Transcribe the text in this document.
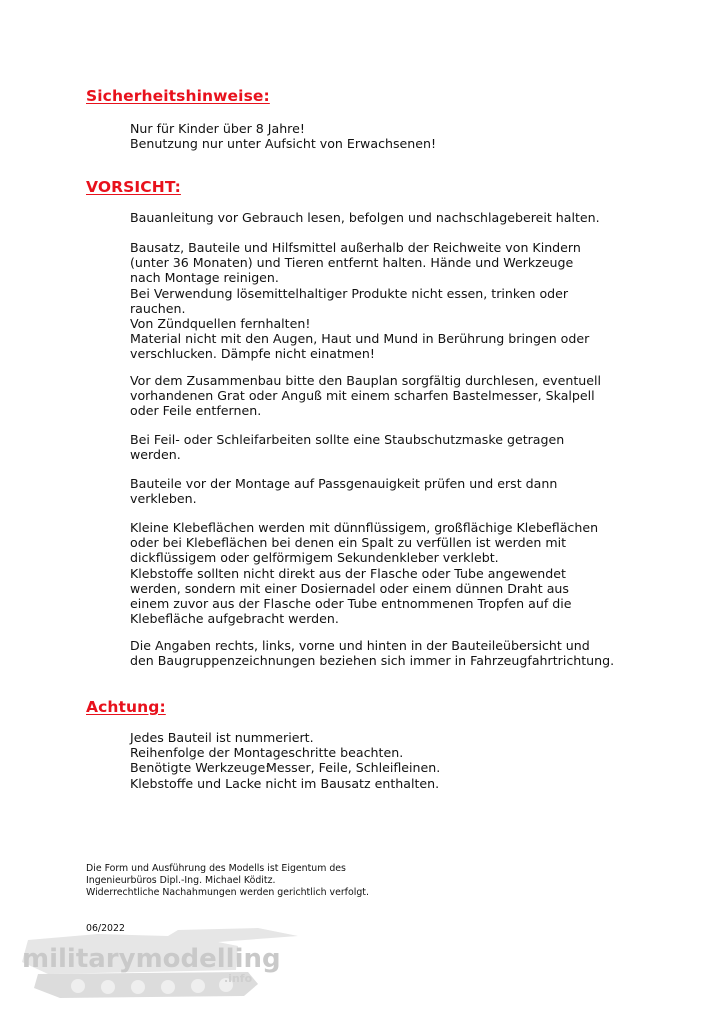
Sicherheitshinweise:
Nur für Kinder über 8 Jahre!
Benutzung nur unter Aufsicht von Erwachsenen!
VORSICHT:
Bauanleitung vor Gebrauch lesen, befolgen und nachschlagebereit halten.
Bausatz, Bauteile und Hilfsmittel außerhalb der Reichweite von Kindern
(unter 36 Monaten) und Tieren entfernt halten. Hände und Werkzeuge
nach Montage reinigen.
Bei Verwendung lösemittelhaltiger Produkte nicht essen, trinken oder
rauchen.
Von Zündquellen fernhalten!
Material nicht mit den Augen, Haut und Mund in Berührung bringen oder
verschlucken. Dämpfe nicht einatmen!
Vor dem Zusammenbau bitte den Bauplan sorgfältig durchlesen, eventuell
vorhandenen Grat oder Anguß mit einem scharfen Bastelmesser, Skalpell
oder Feile entfernen.
Bei Feil- oder Schleifarbeiten sollte eine Staubschutzmaske getragen
werden.
Bauteile vor der Montage auf Passgenauigkeit prüfen und erst dann
verkleben.
Kleine Klebeflächen werden mit dünnflüssigem, großflächige Klebeflächen
oder bei Klebeflächen bei denen ein Spalt zu verfüllen ist werden mit
dickflüssigem oder gelförmigem Sekundenkleber verklebt.
Klebstoffe sollten nicht direkt aus der Flasche oder Tube angewendet
werden, sondern mit einer Dosiernadel oder einem dünnen Draht aus
einem zuvor aus der Flasche oder Tube entnommenen Tropfen auf die
Klebefläche aufgebracht werden.
Die Angaben rechts, links, vorne und hinten in der Bauteileübersicht und
den Baugruppenzeichnungen beziehen sich immer in Fahrzeugfahrtrichtung.
Achtung:
Jedes Bauteil ist nummeriert.
Reihenfolge der Montageschritte beachten.
Benötigte Werkzeuge:Messer, Feile, Schleifleinen.
Klebstoffe und Lacke nicht im Bausatz enthalten.
Die Form und Ausführung des Modells ist Eigentum des
Ingenieurbüros Dipl.-Ing. Michael Köditz.
Widerrechtliche Nachahmungen werden gerichtlich verfolgt.
06/2022
militarymodelling
.info
